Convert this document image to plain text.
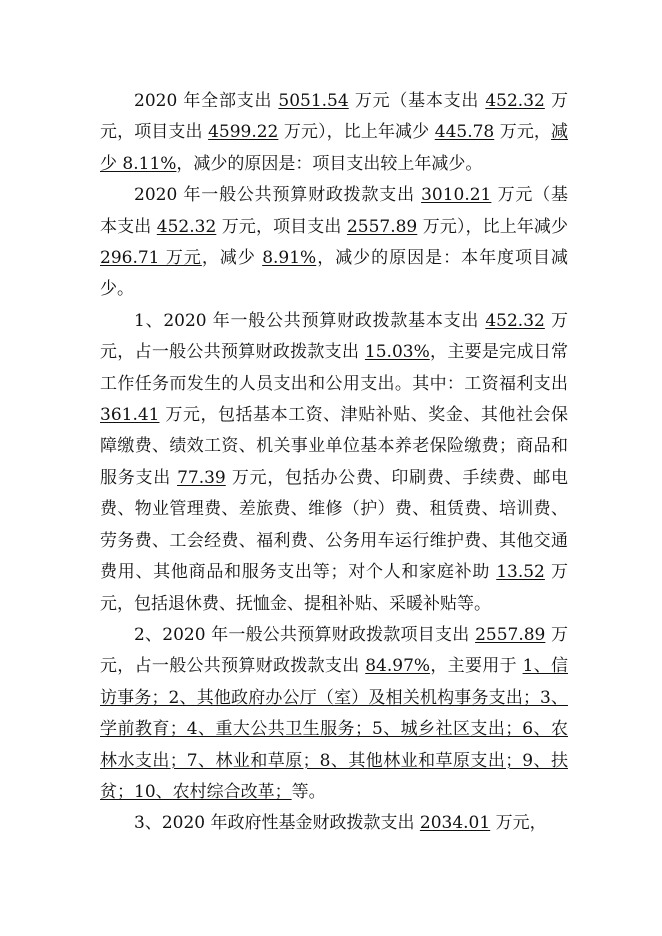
2020 年全部支出 5051.54 万元（基本支出 452.32 万元，项目支出 4599.22 万元），比上年减少 445.78 万元，减少 8.11%，减少的原因是：项目支出较上年减少。

2020 年一般公共预算财政拨款支出 3010.21 万元（基本支出 452.32 万元，项目支出 2557.89 万元），比上年减少 296.71 万元，减少 8.91%，减少的原因是：本年度项目减少。

1、2020 年一般公共预算财政拨款基本支出 452.32 万元，占一般公共预算财政拨款支出 15.03%，主要是完成日常工作任务而发生的人员支出和公用支出。其中：工资福利支出 361.41 万元，包括基本工资、津贴补贴、奖金、其他社会保障缴费、绩效工资、机关事业单位基本养老保险缴费；商品和服务支出 77.39 万元，包括办公费、印刷费、手续费、邮电费、物业管理费、差旅费、维修（护）费、租赁费、培训费、劳务费、工会经费、福利费、公务用车运行维护费、其他交通费用、其他商品和服务支出等；对个人和家庭补助 13.52 万元，包括退休费、抚恤金、提租补贴、采暖补贴等。

2、2020 年一般公共预算财政拨款项目支出 2557.89 万元，占一般公共预算财政拨款支出 84.97%，主要用于 1、信访事务；2、其他政府办公厅（室）及相关机构事务支出；3、学前教育；4、重大公共卫生服务；5、城乡社区支出；6、农林水支出；7、林业和草原；8、其他林业和草原支出；9、扶贫；10、农村综合改革；等。

3、2020 年政府性基金财政拨款支出 2034.01 万元，
